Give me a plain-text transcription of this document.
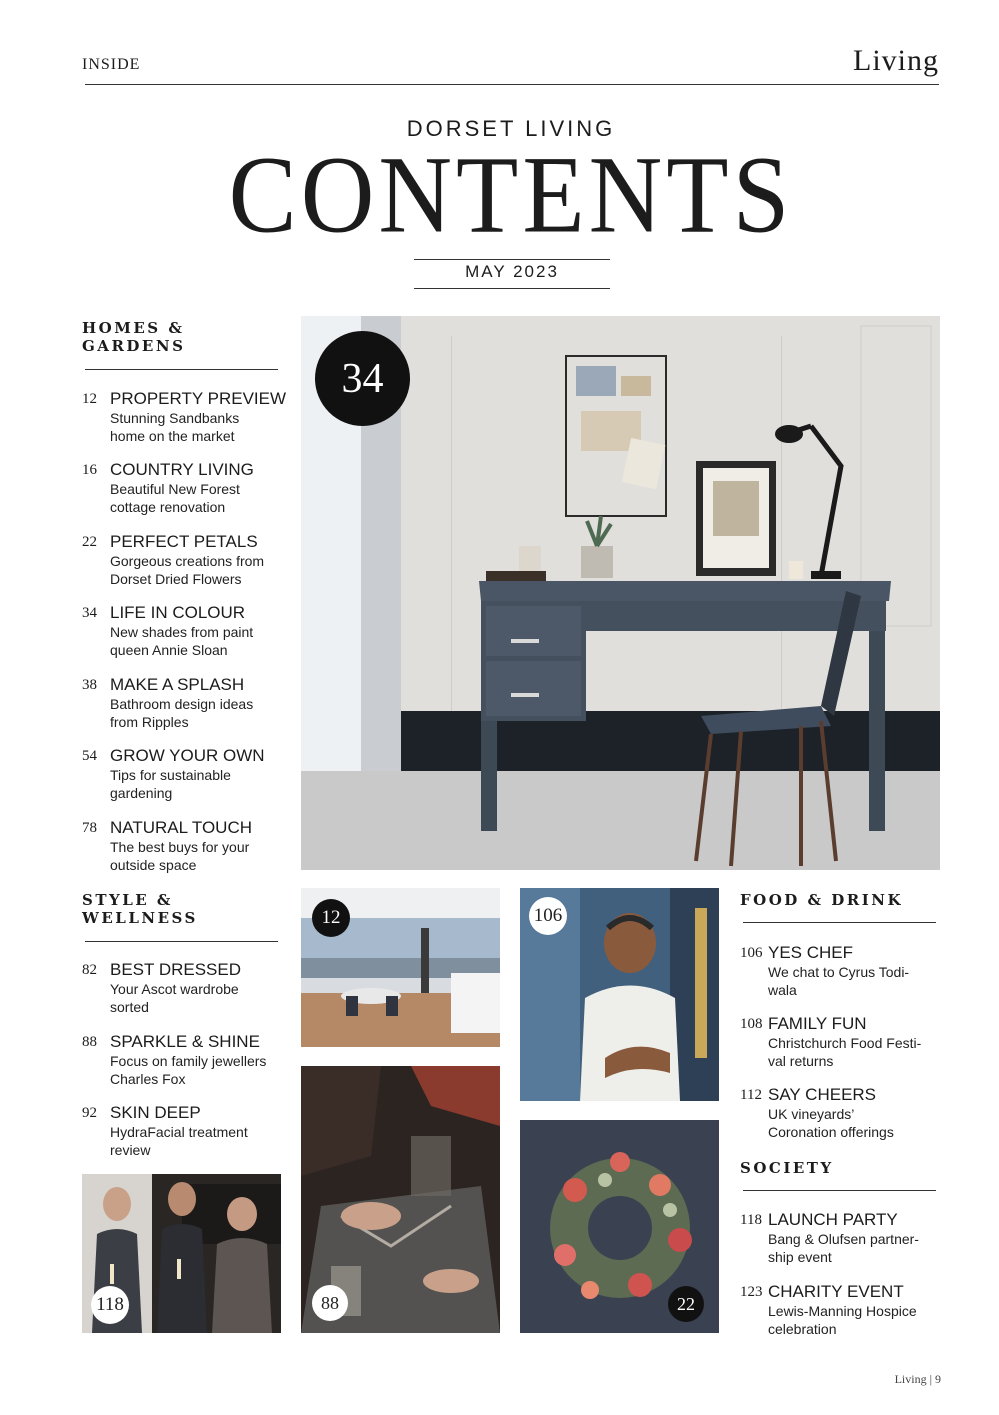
INSIDE	Living
DORSET LIVING
CONTENTS
MAY 2023
HOMES &
GARDENS
12 PROPERTY PREVIEW
Stunning Sandbanks
home on the market
16 COUNTRY LIVING
Beautiful New Forest
cottage renovation
22 PERFECT PETALS
Gorgeous creations from
Dorset Dried Flowers
34 LIFE IN COLOUR
New shades from paint
queen Annie Sloan
38 MAKE A SPLASH
Bathroom design ideas
from Ripples
54 GROW YOUR OWN
Tips for sustainable
gardening
78 NATURAL TOUCH
The best buys for your
outside space
STYLE &
WELLNESS
82 BEST DRESSED
Your Ascot wardrobe
sorted
88 SPARKLE & SHINE
Focus on family jewellers
Charles Fox
92 SKIN DEEP
HydraFacial treatment
review
FOOD & DRINK
106 YES CHEF
We chat to Cyrus Todi-
wala
108 FAMILY FUN
Christchurch Food Festi-
val returns
112 SAY CHEERS
UK vineyards’
Coronation offerings
SOCIETY
118 LAUNCH PARTY
Bang & Olufsen partner-
ship event
123 CHARITY EVENT
Lewis-Manning Hospice
celebration
34
12	106
88	22
118
Living | 9
